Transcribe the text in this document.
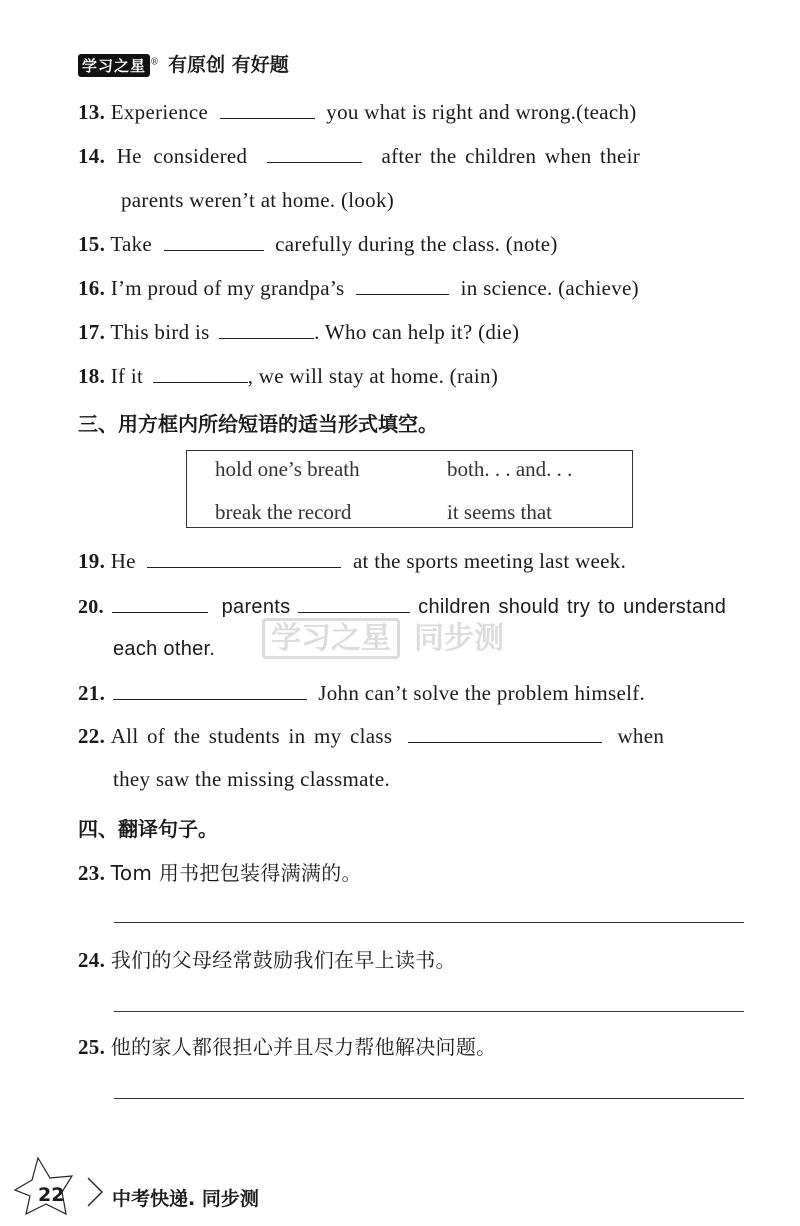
学习之星 ® 有原创 有好题
13. Experience	you what is right and wrong.(teach)
14. He considered	after the children when their
parents weren’t at home. (look)
15. Take	carefully during the class. (note)
16. I’m proud of my grandpa’s	in science. (achieve)
17. This bird is	. Who can help it? (die)
18. If it	, we will stay at home. (rain)
三、用方框内所给短语的适当形式填空。
hold one’s breath	both. . . and. . .
break the record	it seems that
19. He	at the sports meeting last week.
学习之星 同步测
20.	parents	children should try to understand
each other.
21.	John can’t solve the problem himself.
22. All of the students in my class	when
they saw the missing classmate.
四、翻译句子。
23. Tom 用书把包装得满满的。
24. 我们的父母经常鼓励我们在早上读书。
25. 他的家人都很担心并且尽力帮他解决问题。
22	中考快递. 同步测
